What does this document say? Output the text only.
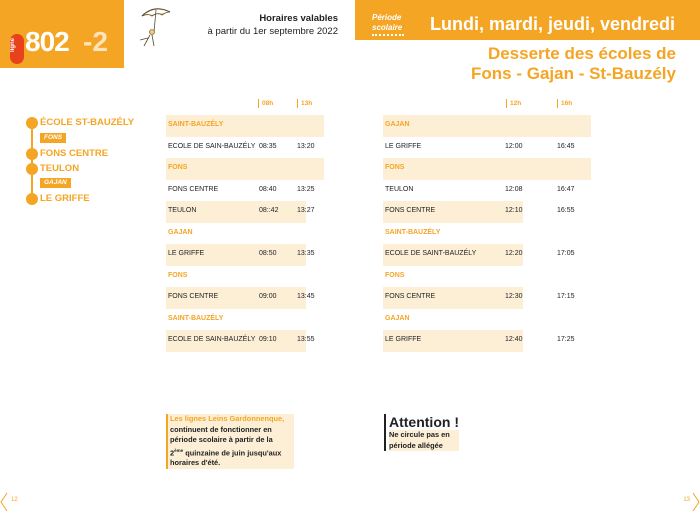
ligne 802 -2
Horaires valables
à partir du 1er septembre 2022
Période
scolaire Lundi, mardi, jeudi, vendredi
Desserte des écoles de
Fons - Gajan - St-Bauzély
ÉCOLE ST-BAUZÉLY
FONS
FONS CENTRE
TEULON
GAJAN
LE GRIFFE
08h	13h
SAINT-BAUZÉLY
ECOLE DE SAIN-BAUZÉLY 08:35	13:20
FONS
FONS CENTRE	08:40	13:25
TEULON	08::42	13:27
GAJAN
LE GRIFFE	08:50	13:35
FONS
FONS CENTRE	09:00	13:45
SAINT-BAUZÉLY
ECOLE DE SAIN-BAUZÉLY 09:10	13:55
12h	16h
GAJAN
LE GRIFFE	12:00	16:45
FONS
TEULON	12:08	16:47
FONS CENTRE	12:10	16:55
SAINT-BAUZÉLY
ECOLE DE SAINT-BAUZÉLY	12:20	17:05
FONS
FONS CENTRE	12:30	17:15
GAJAN
LE GRIFFE	12:40	17:25
Les lignes Leins Gardonnenque,
continuent de fonctionner en
période scolaire à partir de la
2ème quinzaine de juin jusqu'aux
horaires d'été.
Attention !
Ne circule pas en
période allégée
12	13
